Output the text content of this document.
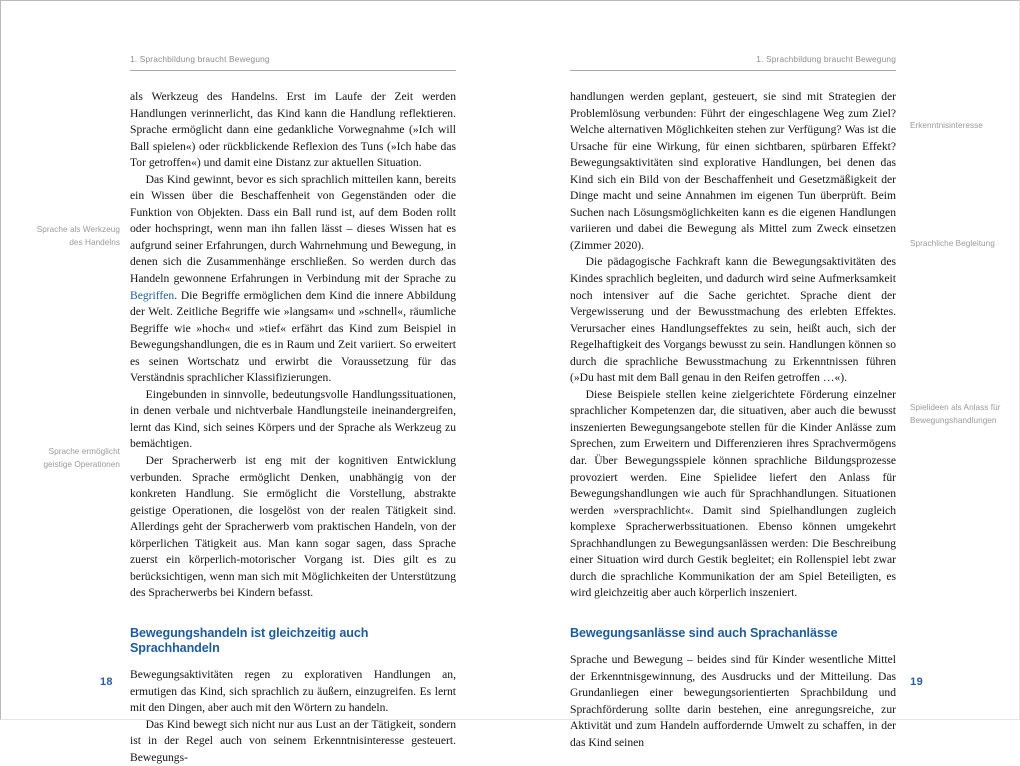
1. Sprachbildung braucht Bewegung
Sprache als Werkzeug des Handelns
Sprache ermöglicht geistige Operationen

als Werkzeug des Handelns. Erst im Laufe der Zeit werden Handlungen verinnerlicht, das Kind kann die Handlung reflektieren. Sprache ermöglicht dann eine gedankliche Vorwegnahme (»Ich will Ball spielen«) oder rückblickende Reflexion des Tuns (»Ich habe das Tor getroffen«) und damit eine Distanz zur aktuellen Situation.

Das Kind gewinnt, bevor es sich sprachlich mitteilen kann, bereits ein Wissen über die Beschaffenheit von Gegenständen oder die Funktion von Objekten. Dass ein Ball rund ist, auf dem Boden rollt oder hochspringt, wenn man ihn fallen lässt – dieses Wissen hat es aufgrund seiner Erfahrungen, durch Wahrnehmung und Bewegung, in denen sich die Zusammenhänge erschließen. So werden durch das Handeln gewonnene Erfahrungen in Verbindung mit der Sprache zu Begriffen. Die Begriffe ermöglichen dem Kind die innere Abbildung der Welt. Zeitliche Begriffe wie »langsam« und »schnell«, räumliche Begriffe wie »hoch« und »tief« erfährt das Kind zum Beispiel in Bewegungshandlungen, die es in Raum und Zeit variiert. So erweitert es seinen Wortschatz und erwirbt die Voraussetzung für das Verständnis sprachlicher Klassifizierungen.

Eingebunden in sinnvolle, bedeutungsvolle Handlungssituationen, in denen verbale und nichtverbale Handlungsteile ineinandergreifen, lernt das Kind, sich seines Körpers und der Sprache als Werkzeug zu bemächtigen.

Der Spracherwerb ist eng mit der kognitiven Entwicklung verbunden. Sprache ermöglicht Denken, unabhängig von der konkreten Handlung. Sie ermöglicht die Vorstellung, abstrakte geistige Operationen, die losgelöst von der realen Tätigkeit sind. Allerdings geht der Spracherwerb vom praktischen Handeln, von der körperlichen Tätigkeit aus. Man kann sogar sagen, dass Sprache zuerst ein körperlich-motorischer Vorgang ist. Dies gilt es zu berücksichtigen, wenn man sich mit Möglichkeiten der Unterstützung des Spracherwerbs bei Kindern befasst.

Bewegungshandeln ist gleichzeitig auch Sprachhandeln

Bewegungsaktivitäten regen zu explorativen Handlungen an, ermutigen das Kind, sich sprachlich zu äußern, einzugreifen. Es lernt mit den Dingen, aber auch mit den Wörtern zu handeln.

Das Kind bewegt sich nicht nur aus Lust an der Tätigkeit, sondern ist in der Regel auch von seinem Erkenntnisinteresse gesteuert. Bewegungs-

18
1. Sprachbildung braucht Bewegung
Erkenntnisinteresse
Sprachliche Begleitung
Spielideen als Anlass für Bewegungshandlungen

handlungen werden geplant, gesteuert, sie sind mit Strategien der Problemlösung verbunden: Führt der eingeschlagene Weg zum Ziel? Welche alternativen Möglichkeiten stehen zur Verfügung? Was ist die Ursache für eine Wirkung, für einen sichtbaren, spürbaren Effekt? Bewegungsaktivitäten sind explorative Handlungen, bei denen das Kind sich ein Bild von der Beschaffenheit und Gesetzmäßigkeit der Dinge macht und seine Annahmen im eigenen Tun überprüft. Beim Suchen nach Lösungsmöglichkeiten kann es die eigenen Handlungen variieren und dabei die Bewegung als Mittel zum Zweck einsetzen (Zimmer 2020).

Die pädagogische Fachkraft kann die Bewegungsaktivitäten des Kindes sprachlich begleiten, und dadurch wird seine Aufmerksamkeit noch intensiver auf die Sache gerichtet. Sprache dient der Vergewisserung und der Bewusstmachung des erlebten Effektes. Verursacher eines Handlungseffektes zu sein, heißt auch, sich der Regelhaftigkeit des Vorgangs bewusst zu sein. Handlungen können so durch die sprachliche Bewusstmachung zu Erkenntnissen führen (»Du hast mit dem Ball genau in den Reifen getroffen …«).

Diese Beispiele stellen keine zielgerichtete Förderung einzelner sprachlicher Kompetenzen dar, die situativen, aber auch die bewusst inszenierten Bewegungsangebote stellen für die Kinder Anlässe zum Sprechen, zum Erweitern und Differenzieren ihres Sprachvermögens dar. Über Bewegungsspiele können sprachliche Bildungsprozesse provoziert werden. Eine Spielidee liefert den Anlass für Bewegungshandlungen wie auch für Sprachhandlungen. Situationen werden »versprachlicht«. Damit sind Spielhandlungen zugleich komplexe Spracherwerbssituationen. Ebenso können umgekehrt Sprachhandlungen zu Bewegungsanlässen werden: Die Beschreibung einer Situation wird durch Gestik begleitet; ein Rollenspiel lebt zwar durch die sprachliche Kommunikation der am Spiel Beteiligten, es wird gleichzeitig aber auch körperlich inszeniert.

Bewegungsanlässe sind auch Sprachanlässe

Sprache und Bewegung – beides sind für Kinder wesentliche Mittel der Erkenntnisgewinnung, des Ausdrucks und der Mitteilung. Das Grundanliegen einer bewegungsorientierten Sprachbildung und Sprachförderung sollte darin bestehen, eine anregungsreiche, zur Aktivität und zum Handeln auffordernde Umwelt zu schaffen, in der das Kind seinen

19
